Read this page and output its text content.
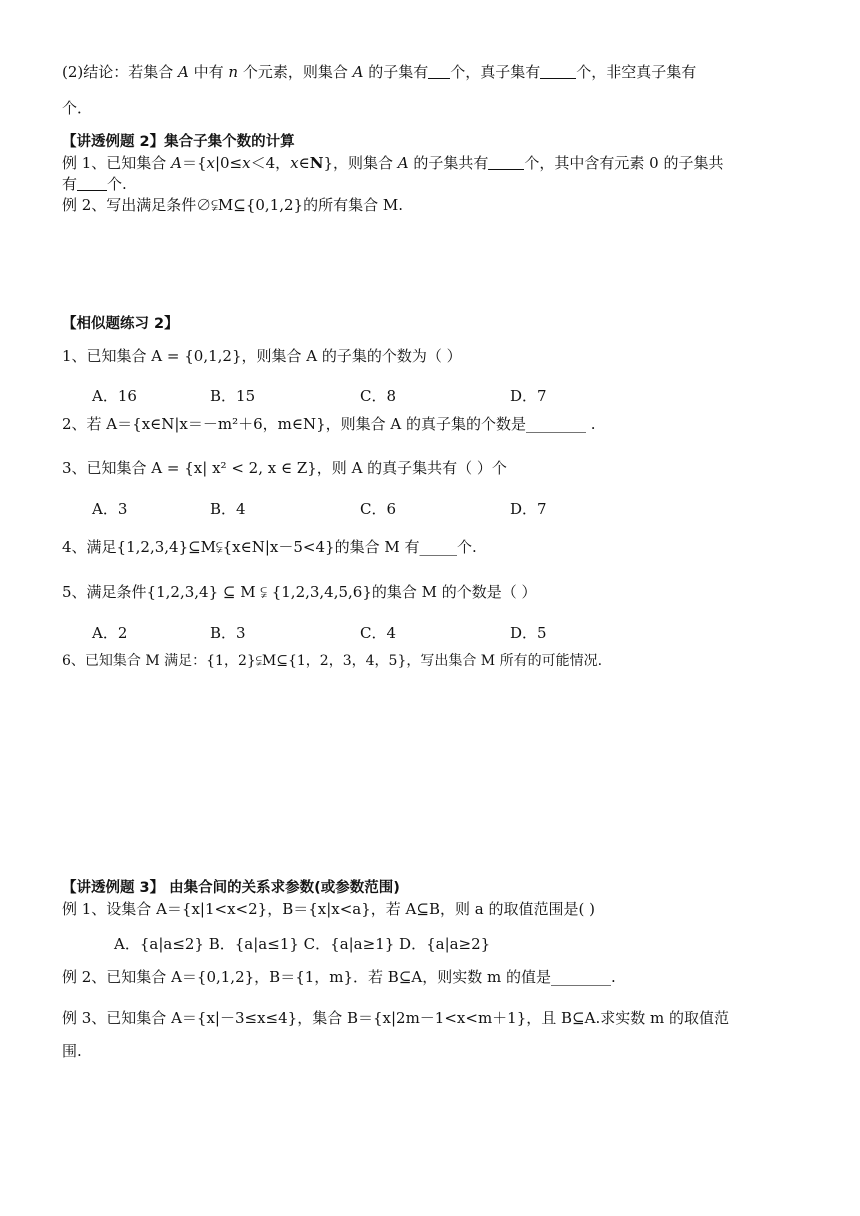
(2)结论：若集合 A 中有 n 个元素，则集合 A 的子集有 个，真子集有 个，非空真子集有
个．
【讲透例题 2】集合子集个数的计算
例 1、已知集合 A＝{x|0≤x＜4，x∈N}，则集合 A 的子集共有 个，其中含有元素 0 的子集共
有 个.
例 2、写出满足条件∅⫋M⊆{0,1,2}的所有集合 M.
【相似题练习 2】
1、已知集合 A = {0,1,2}，则集合 A 的子集的个数为（ ）
A．16	B．15	C．8	D．7
2、若 A＝{x∈N|x＝－m²＋6，m∈N}，则集合 A 的真子集的个数是________ .
3、已知集合 A = {x| x² < 2, x ∈ Z}，则 A 的真子集共有（ ）个
A．3	B．4	C．6	D．7
4、满足{1,2,3,4}⊆M⫋{x∈N|x－5<4}的集合 M 有_____个.
5、满足条件{1,2,3,4} ⊆ M ⫋ {1,2,3,4,5,6}的集合 M 的个数是（ ）
A．2	B．3	C．4	D．5
6、已知集合 M 满足：{1，2}⫋M⊆{1，2，3，4，5}，写出集合 M 所有的可能情况.
【讲透例题 3】 由集合间的关系求参数(或参数范围)
例 1、设集合 A＝{x|1<x<2}，B＝{x|x<a}，若 A⊆B，则 a 的取值范围是( )
A．{a|a≤2} B．{a|a≤1} C．{a|a≥1} D．{a|a≥2}
例 2、已知集合 A＝{0,1,2}，B＝{1，m}．若 B⊆A，则实数 m 的值是________.
例 3、已知集合 A＝{x|－3≤x≤4}，集合 B＝{x|2m－1<x<m＋1}，且 B⊆A.求实数 m 的取值范
围.
